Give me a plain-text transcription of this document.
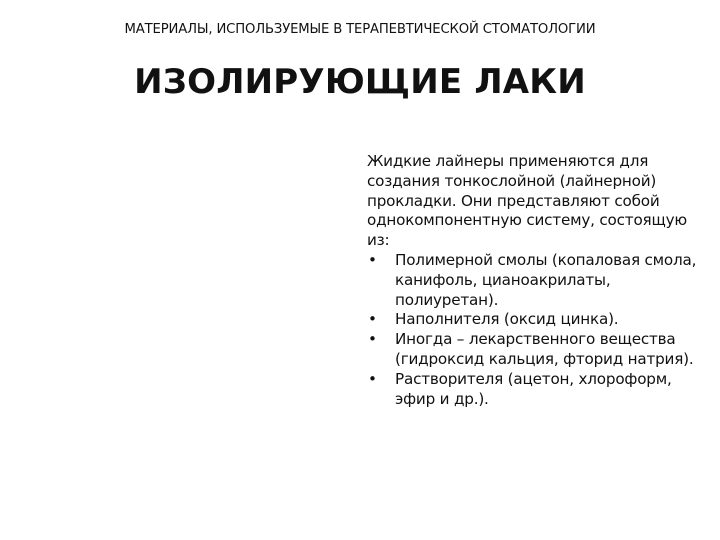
МАТЕРИАЛЫ, ИСПОЛЬЗУЕМЫЕ В ТЕРАПЕВТИЧЕСКОЙ СТОМАТОЛОГИИ
ИЗОЛИРУЮЩИЕ ЛАКИ

Жидкие лайнеры применяются для создания тонкослойной (лайнерной) прокладки. Они представляют собой однокомпонентную систему, состоящую из:

• Полимерной смолы (копаловая смола, канифоль, цианоакрилаты, полиуретан).
• Наполнителя (оксид цинка).
• Иногда – лекарственного вещества (гидроксид кальция, фторид натрия).
• Растворителя (ацетон, хлороформ, эфир и др.).
